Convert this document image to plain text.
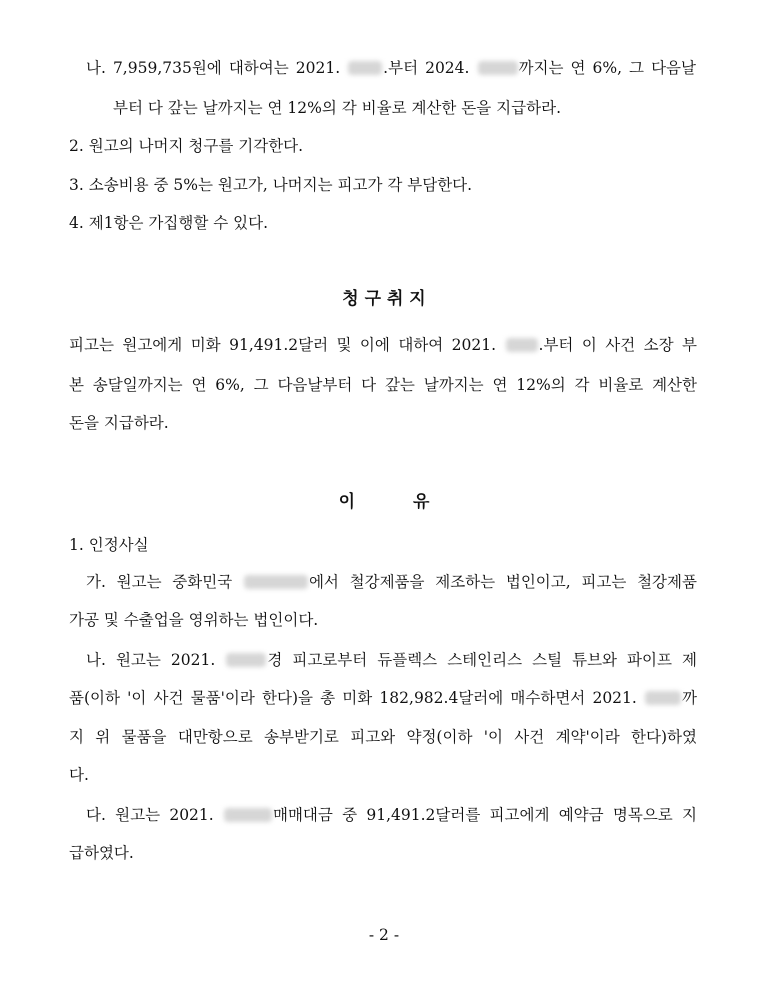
나. 7,959,735원에 대하여는 2021. .부터 2024.	까지는 연 6%, 그 다음날
부터 다 갚는 날까지는 연 12%의 각 비율로 계산한 돈을 지급하라.
2. 원고의 나머지 청구를 기각한다.
3. 소송비용 중 5%는 원고가, 나머지는 피고가 각 부담한다.
4. 제1항은 가집행할 수 있다.
청 구 취 지
피고는 원고에게 미화 91,491.2달러 및 이에 대하여 2021. .부터 이 사건 소장 부
본 송달일까지는 연 6%, 그 다음날부터 다 갚는 날까지는 연 12%의 각 비율로 계산한
돈을 지급하라.
이	유
1. 인정사실
가. 원고는 중화민국	에서 철강제품을 제조하는 법인이고, 피고는 철강제품
가공 및 수출업을 영위하는 법인이다.
나. 원고는 2021.	경 피고로부터 듀플렉스 스테인리스 스틸 튜브와 파이프 제
품(이하 '이 사건 물품'이라 한다)을 총 미화 182,982.4달러에 매수하면서 2021. 까
지 위 물품을 대만항으로 송부받기로 피고와 약정(이하 '이 사건 계약'이라 한다)하였
다.
다. 원고는 2021.	매매대금 중 91,491.2달러를 피고에게 예약금 명목으로 지
급하였다.
- 2 -
